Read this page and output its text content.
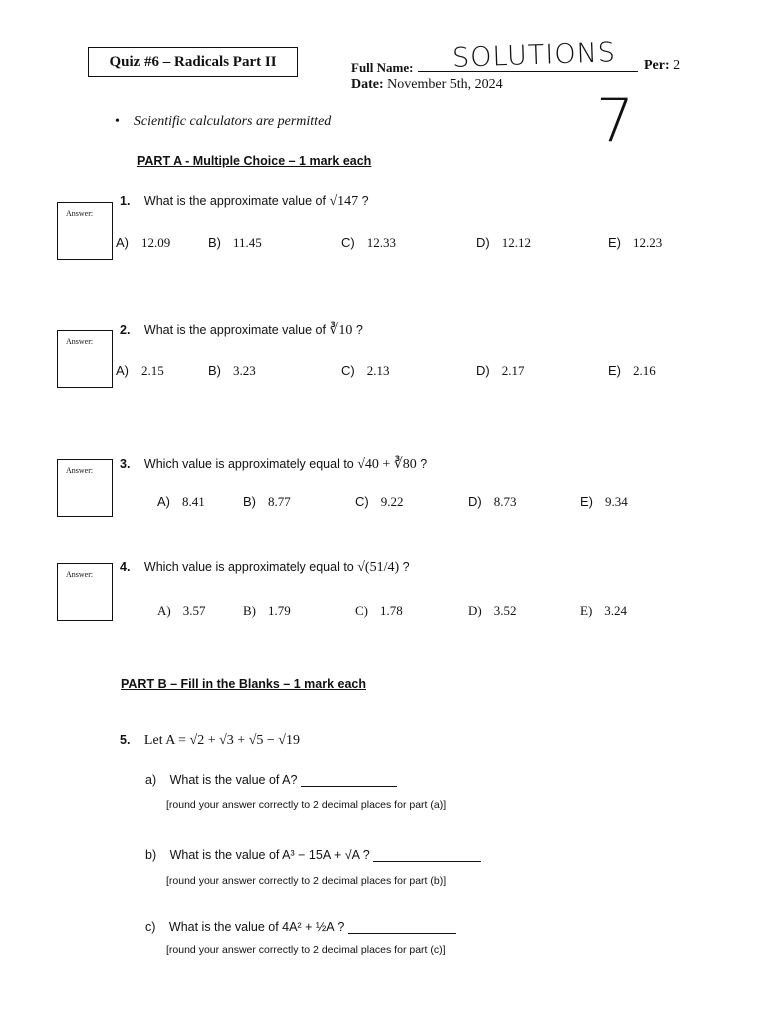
Quiz #6 – Radicals Part II	Full Name: SOLUTIONS Per: 2
Date: November 5th, 2024
7
• Scientific calculators are permitted
PART A - Multiple Choice – 1 mark each
Answer:
1. What is the approximate value of √147 ?
A) 12.09	B) 11.45	C) 12.33	D) 12.12	E) 12.23
Answer:
2. What is the approximate value of ∛10 ?
A) 2.15	B) 3.23	C) 2.13	D) 2.17	E) 2.16
Answer: 3. Which value is approximately equal to √40 + ∛80 ?
A) 8.41	B) 8.77	C) 9.22	D) 8.73	E) 9.34
Answer:
4. Which value is approximately equal to √(51/4) ?
A) 3.57	B) 1.79	C) 1.78	D) 3.52	E) 3.24
PART B – Fill in the Blanks – 1 mark each
5. Let A = √2 + √3 + √5 − √19
a) What is the value of A?
[round your answer correctly to 2 decimal places for part (a)]
b) What is the value of A³ − 15A + √A ?
[round your answer correctly to 2 decimal places for part (b)]
c) What is the value of 4A² + ½A ?
[round your answer correctly to 2 decimal places for part (c)]
